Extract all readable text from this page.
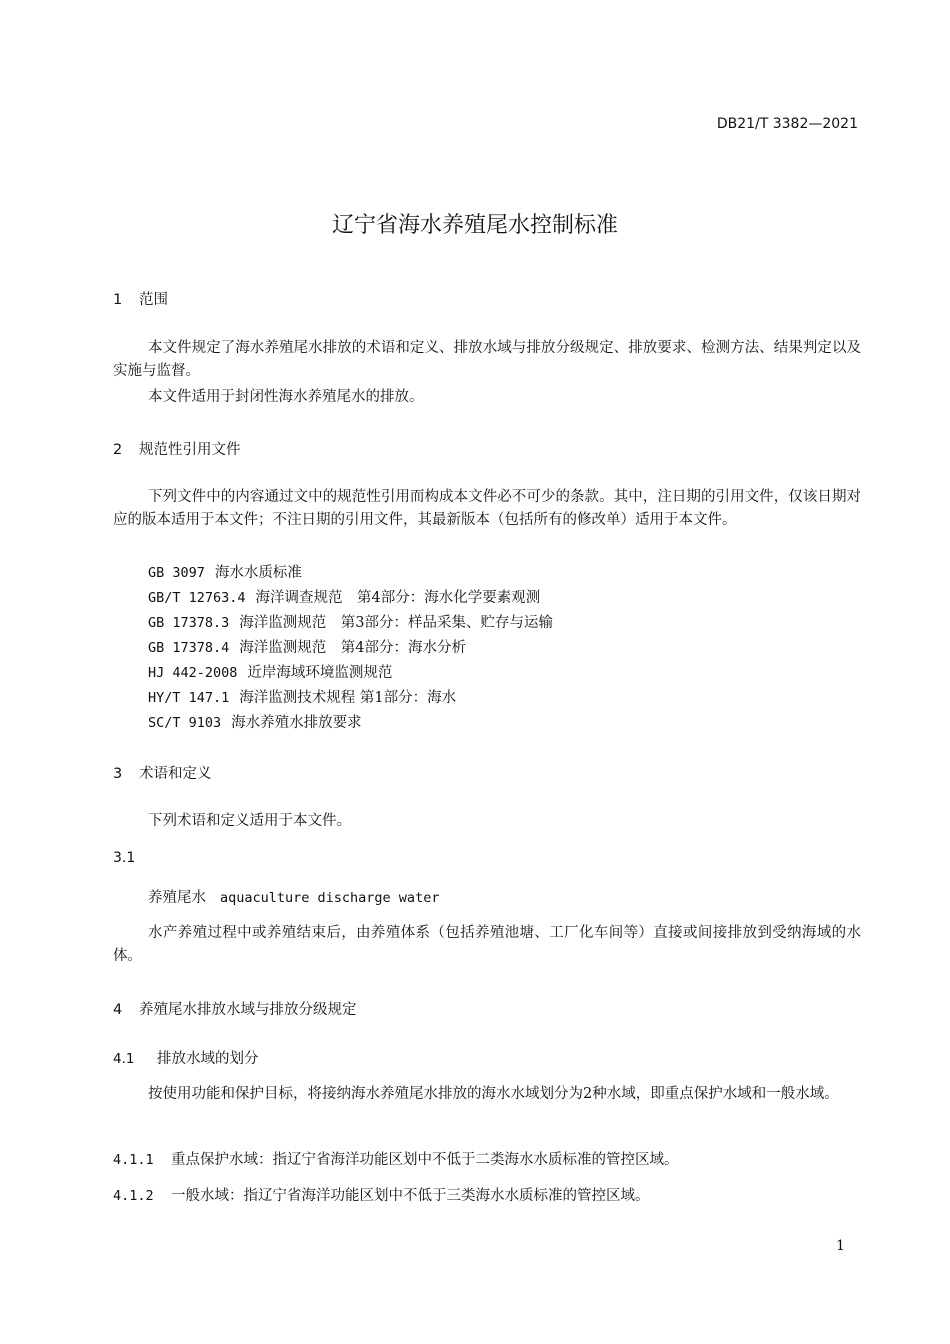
DB21/T 3382—2021
辽宁省海水养殖尾水控制标准
1 范围
本文件规定了海水养殖尾水排放的术语和定义、排放水域与排放分级规定、排放要求、检测方法、结果判定以及实施与监督。
本文件适用于封闭性海水养殖尾水的排放。
2 规范性引用文件
下列文件中的内容通过文中的规范性引用而构成本文件必不可少的条款。其中，注日期的引用文件，仅该日期对应的版本适用于本文件；不注日期的引用文件，其最新版本（包括所有的修改单）适用于本文件。
GB 3097 海水水质标准
GB/T 12763.4 海洋调查规范　第4部分：海水化学要素观测
GB 17378.3 海洋监测规范　第3部分：样品采集、贮存与运输
GB 17378.4 海洋监测规范　第4部分：海水分析
HJ 442-2008 近岸海域环境监测规范
HY/T 147.1 海洋监测技术规程 第1部分：海水
SC/T 9103 海水养殖水排放要求
3 术语和定义
下列术语和定义适用于本文件。
3.1
养殖尾水 aquaculture discharge water
水产养殖过程中或养殖结束后，由养殖体系（包括养殖池塘、工厂化车间等）直接或间接排放到受纳海域的水体。
4 养殖尾水排放水域与排放分级规定
4.1 排放水域的划分
按使用功能和保护目标，将接纳海水养殖尾水排放的海水水域划分为2种水域，即重点保护水域和一般水域。
4.1.1 重点保护水域：指辽宁省海洋功能区划中不低于二类海水水质标准的管控区域。
4.1.2 一般水域：指辽宁省海洋功能区划中不低于三类海水水质标准的管控区域。
1
